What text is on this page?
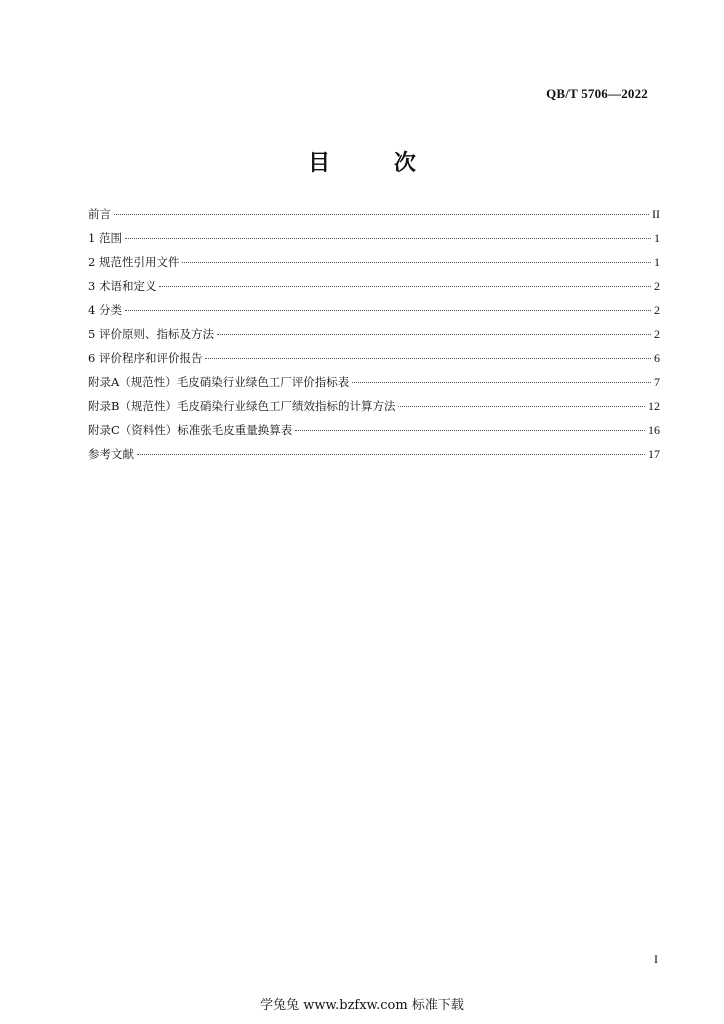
QB/T 5706—2022
目 次
前言	II
1 范围	1
2 规范性引用文件	1
3 术语和定义	2
4 分类	2
5 评价原则、指标及方法	2
6 评价程序和评价报告	6
附录A（规范性）毛皮硝染行业绿色工厂评价指标表	7
附录B（规范性）毛皮硝染行业绿色工厂绩效指标的计算方法	12
附录C（资料性）标准张毛皮重量换算表	16
参考文献	17
I
学兔兔 www.bzfxw.com 标准下载
